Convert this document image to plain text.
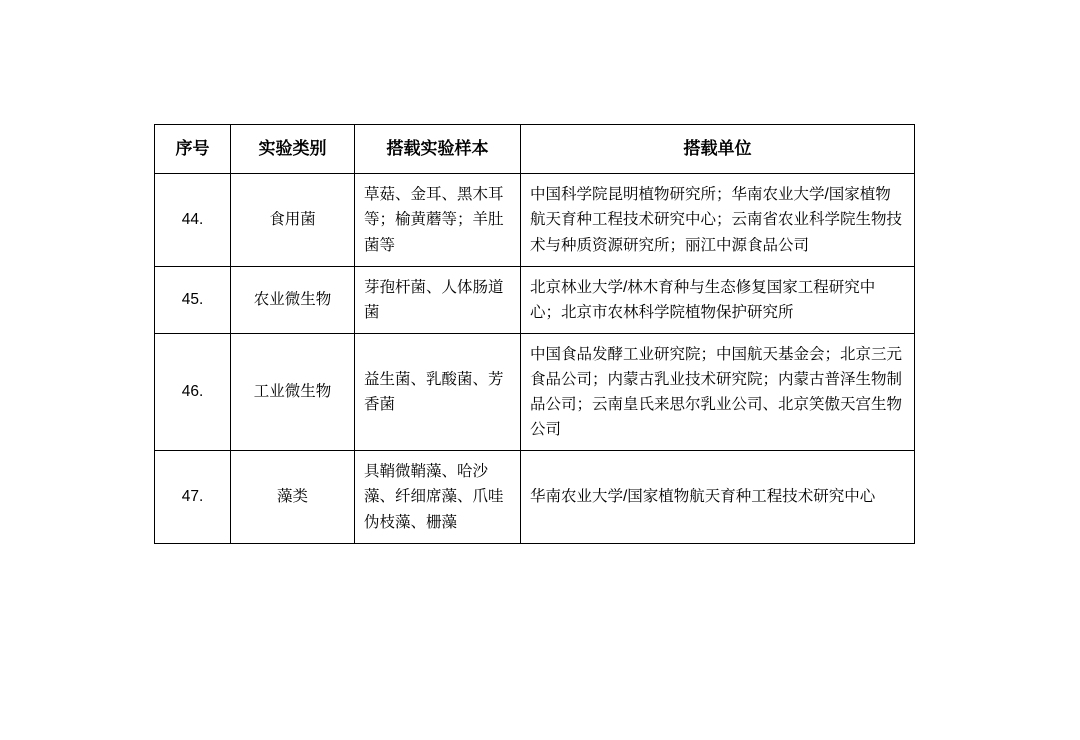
序号	实验类别	搭载实验样本	搭载单位

44.	食用菌	草菇、金耳、黑木耳等；榆黄蘑等；羊肚菌等	中国科学院昆明植物研究所；华南农业大学/国家植物航天育种工程技术研究中心；云南省农业科学院生物技术与种质资源研究所；丽江中源食品公司

45.	农业微生物	芽孢杆菌、人体肠道菌	北京林业大学/林木育种与生态修复国家工程研究中心；北京市农林科学院植物保护研究所

46.	工业微生物	益生菌、乳酸菌、芳香菌	中国食品发酵工业研究院；中国航天基金会；北京三元食品公司；内蒙古乳业技术研究院；内蒙古普泽生物制品公司；云南皇氏来思尔乳业公司、北京笑傲天宫生物公司

47.	藻类	具鞘微鞘藻、哈沙藻、纤细席藻、爪哇伪枝藻、栅藻	华南农业大学/国家植物航天育种工程技术研究中心
